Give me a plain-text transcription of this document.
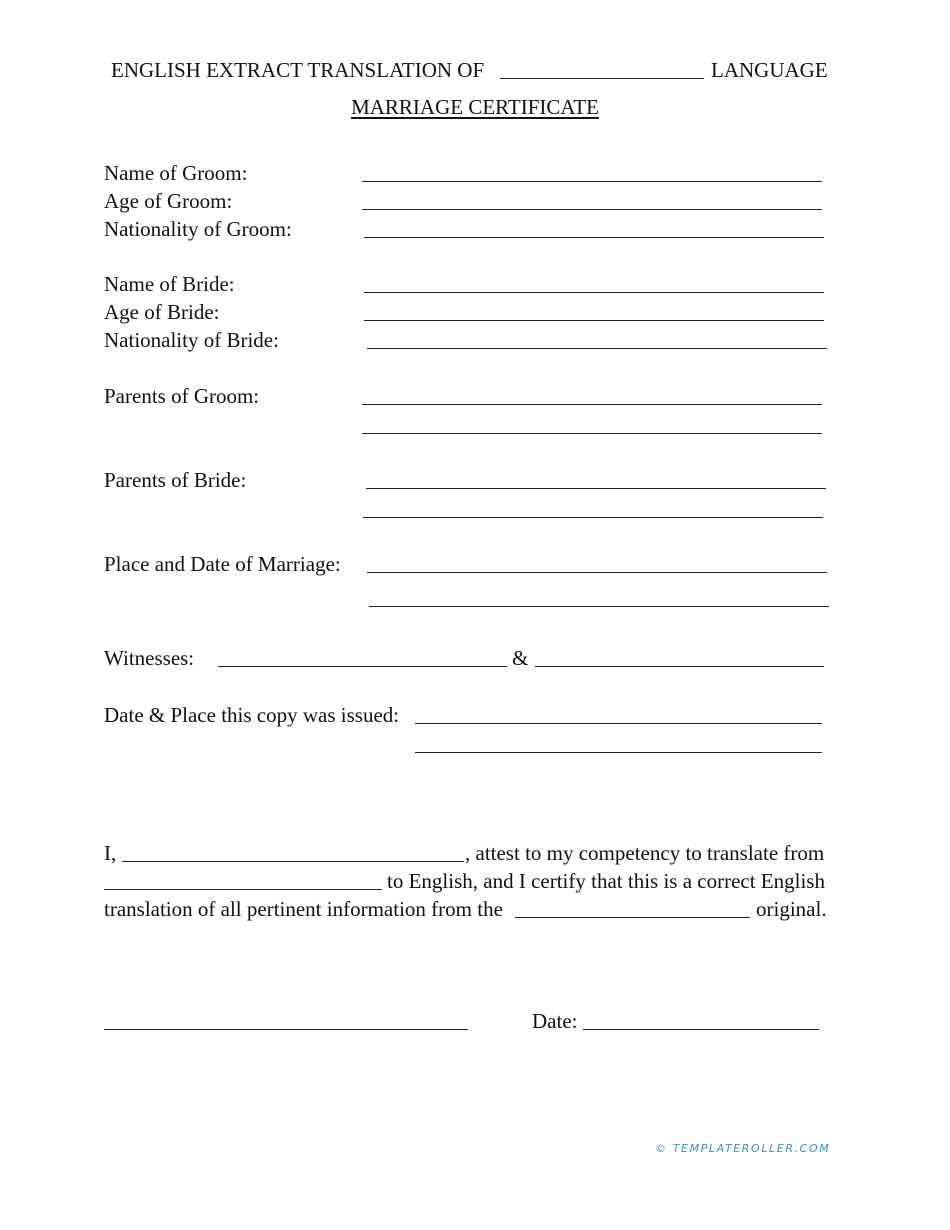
ENGLISH EXTRACT TRANSLATION OF	LANGUAGE
MARRIAGE CERTIFICATE
Name of Groom:
Age of Groom:
Nationality of Groom:
Name of Bride:
Age of Bride:
Nationality of Bride:
Parents of Groom:
Parents of Bride:
Place and Date of Marriage:
Witnesses:	&
Date & Place this copy was issued:
I,	, attest to my competency to translate from
to English, and I certify that this is a correct English
translation of all pertinent information from the	original.
Date:
© TEMPLATEROLLER.COM
